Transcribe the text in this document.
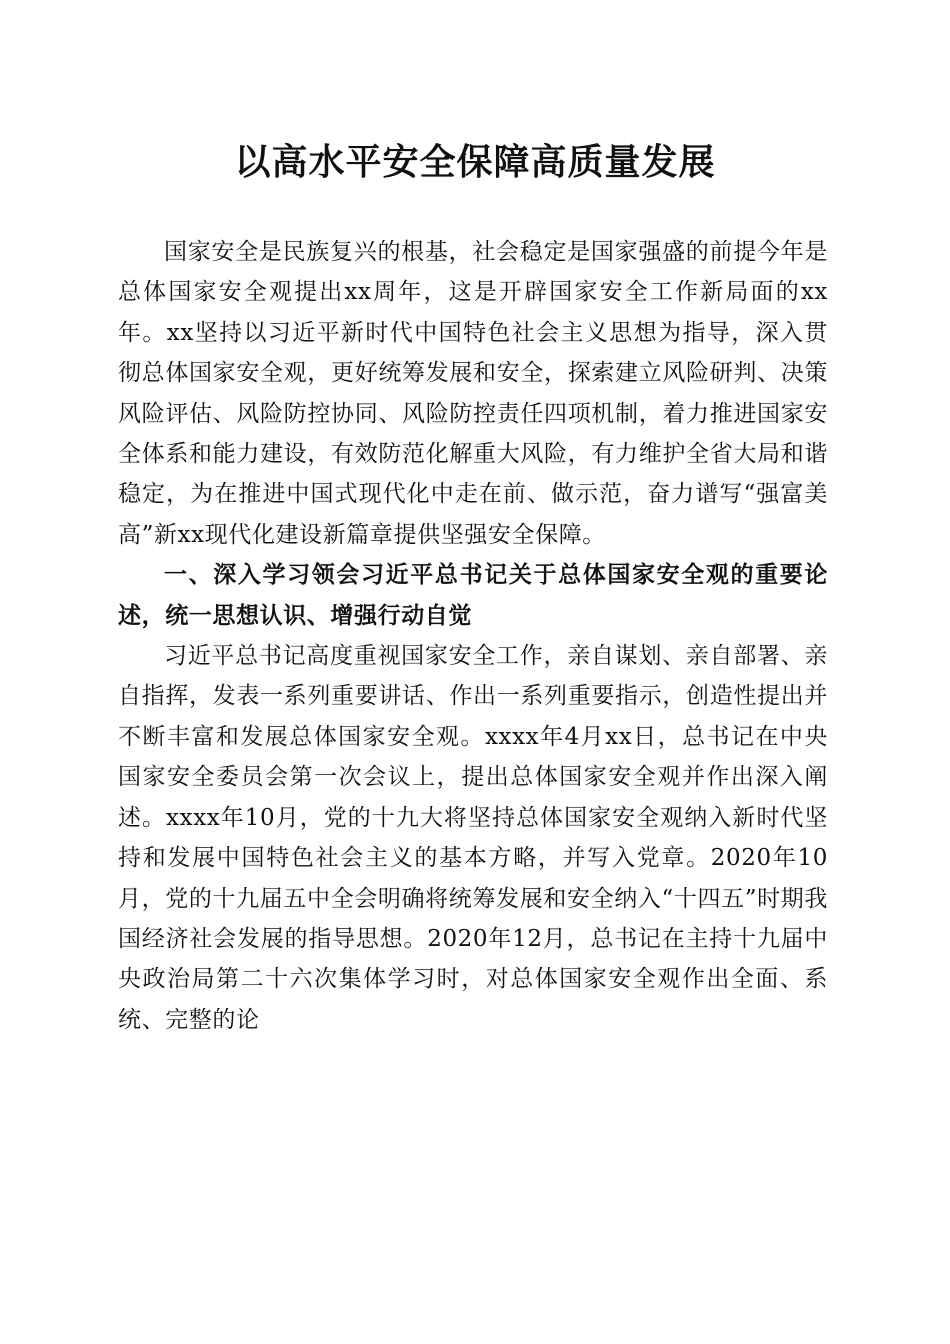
以高水平安全保障高质量发展

国家安全是民族复兴的根基，社会稳定是国家强盛的前提今年是总体国家安全观提出xx周年，这是开辟国家安全工作新局面的xx年。xx坚持以习近平新时代中国特色社会主义思想为指导，深入贯彻总体国家安全观，更好统筹发展和安全，探索建立风险研判、决策风险评估、风险防控协同、风险防控责任四项机制，着力推进国家安全体系和能力建设，有效防范化解重大风险，有力维护全省大局和谐稳定，为在推进中国式现代化中走在前、做示范，奋力谱写“强富美高”新xx现代化建设新篇章提供坚强安全保障。

一、深入学习领会习近平总书记关于总体国家安全观的重要论述，统一思想认识、增强行动自觉

习近平总书记高度重视国家安全工作，亲自谋划、亲自部署、亲自指挥，发表一系列重要讲话、作出一系列重要指示，创造性提出并不断丰富和发展总体国家安全观。xxxx年4月xx日，总书记在中央国家安全委员会第一次会议上，提出总体国家安全观并作出深入阐述。xxxx年10月，党的十九大将坚持总体国家安全观纳入新时代坚持和发展中国特色社会主义的基本方略，并写入党章。2020年10月，党的十九届五中全会明确将统筹发展和安全纳入“十四五”时期我国经济社会发展的指导思想。2020年12月，总书记在主持十九届中央政治局第二十六次集体学习时，对总体国家安全观作出全面、系统、完整的论
